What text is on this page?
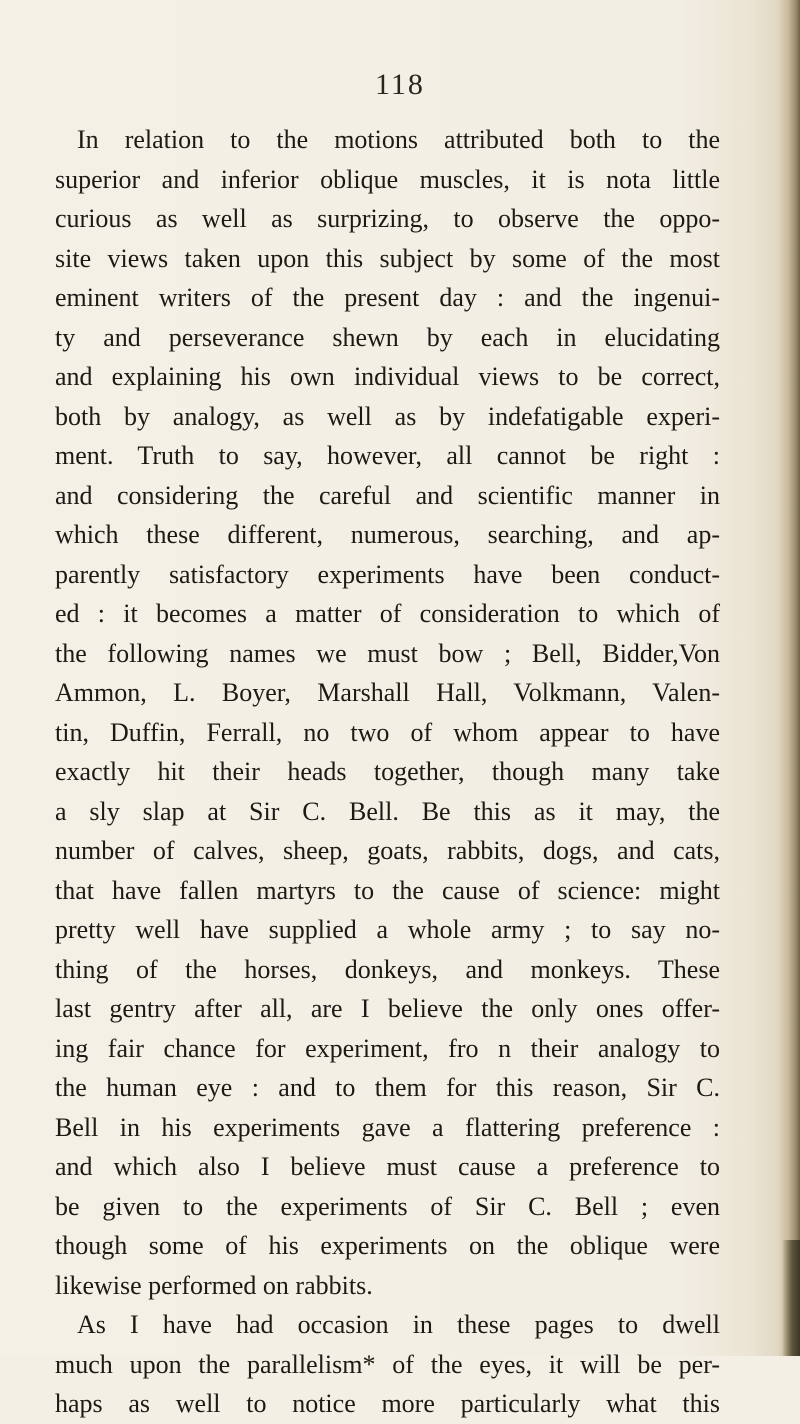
118
In relation to the motions attributed both to the
superior and inferior oblique muscles, it is nota little
curious as well as surprizing, to observe the oppo-
site views taken upon this subject by some of the most
eminent writers of the present day : and the ingenui-
ty and perseverance shewn by each in elucidating
and explaining his own individual views to be correct,
both by analogy, as well as by indefatigable experi-
ment. Truth to say, however, all cannot be right :
and considering the careful and scientific manner in
which these different, numerous, searching, and ap-
parently satisfactory experiments have been conduct-
ed : it becomes a matter of consideration to which of
the following names we must bow ; Bell, Bidder,Von
Ammon, L. Boyer, Marshall Hall, Volkmann, Valen-
tin, Duffin, Ferrall, no two of whom appear to have
exactly hit their heads together, though many take
a sly slap at Sir C. Bell. Be this as it may, the
number of calves, sheep, goats, rabbits, dogs, and cats,
that have fallen martyrs to the cause of science: might
pretty well have supplied a whole army ; to say no-
thing of the horses, donkeys, and monkeys. These
last gentry after all, are I believe the only ones offer-
ing fair chance for experiment, fro n their analogy to
the human eye : and to them for this reason, Sir C.
Bell in his experiments gave a flattering preference :
and which also I believe must cause a preference to
be given to the experiments of Sir C. Bell ; even
though some of his experiments on the oblique were
likewise performed on rabbits.
As I have had occasion in these pages to dwell
much upon the parallelism* of the eyes, it will be per-
haps as well to notice more particularly what this
